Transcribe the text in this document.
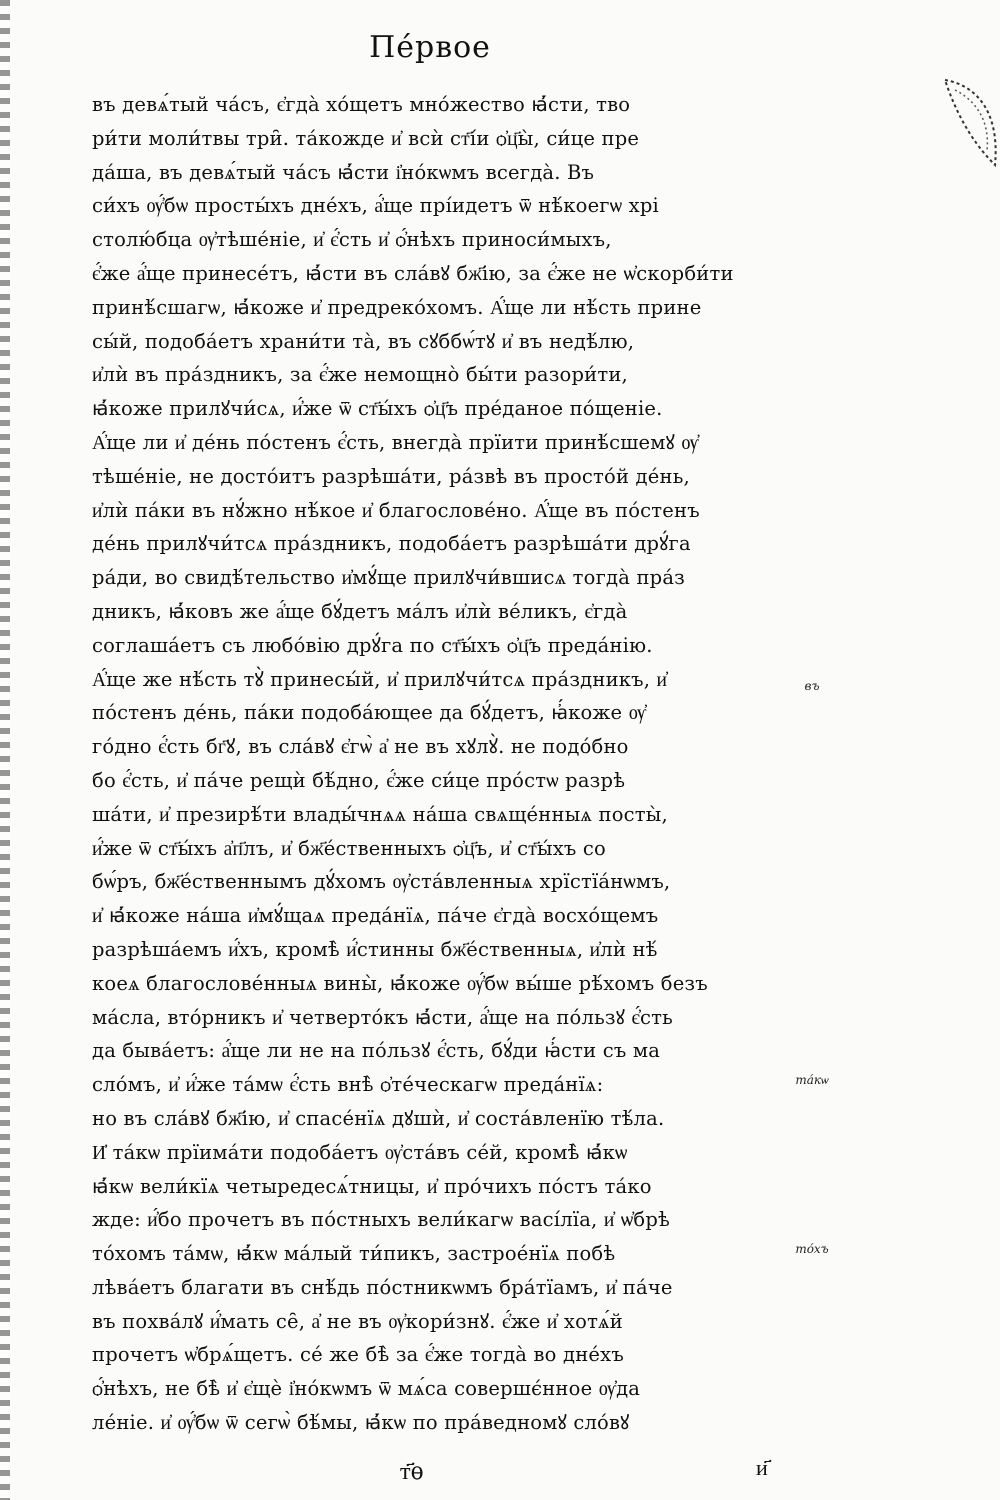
Пе́рвое
въ девѧ́тый ча́съ, є҆гда̀ хо́щетъ мно́жество ꙗ҆́сти, тво
ри́ти моли́твы три̑. та́кожде и҆ всѝ ст҃і́и ѻ҆ц҃ы̀, си́це пре
да́ша, въ девѧ́тый ча́съ ꙗ҆́сти і҆но́кѡмъ всегда̀. Въ
си́хъ ѹ҆́бѡ просты́хъ дне́хъ, а҆́ще прі́идетъ ѿ нѣ́коегѡ хрі
столю́бца ѹ҆тѣше́ніе, и҆ є҆́сть и҆ ѻ҆́нѣхъ приноси́мыхъ,
є҆́же а҆́ще принесе́тъ, ꙗ҆́сти въ сла́вꙋ бж҃ію, за є҆́же не ѡ҆скорби́ти
принѣ́сшагѡ, ꙗ҆́коже и҆ предреко́хомъ. А҆́ще ли нѣ́сть прине
сы́й, подоба́етъ храни́ти та̀, въ сꙋббѡ́тꙋ и҆ въ недѣ́лю,
и҆лѝ въ пра́здникъ, за є҆́же немощно̀ бы́ти разори́ти,
ꙗ҆́коже прилꙋчи́сѧ, и҆́же ѿ ст҃ы́хъ ѻ҆ц҃ъ пре́даное по́щеніе.
А҆́ще ли и҆ де́нь по́стенъ є҆́сть, внегда̀ прїити принѣ́сшемꙋ ѹ҆
тѣше́ніе, не досто́итъ разрѣша́ти, ра́звѣ въ просто́й де́нь,
и҆лѝ па́ки въ нꙋ́жно нѣ́кое и҆ благослове́но. А҆́ще въ по́стенъ
де́нь прилꙋчи́тсѧ пра́здникъ, подоба́етъ разрѣша́ти дрꙋ́га
ра́ди, во свидѣ́тельство и҆мꙋ́ще прилꙋчи́вшисѧ тогда̀ пра́з
дникъ, ꙗ҆́ковъ же а҆́ще бꙋ́детъ ма́лъ и҆лѝ ве́ликъ, є҆гда̀
соглаша́етъ съ любо́вію дрꙋ́га по ст҃ы́хъ ѻ҆ц҃ъ преда́нію.
А҆́ще же нѣ́сть тꙋ̀ принесы́й, и҆ прилꙋчи́тсѧ пра́здникъ, и҆
по́стенъ де́нь, па́ки подоба́ющее да бꙋ́детъ, ꙗ҆́коже ѹ҆
го́дно є҆́сть бг҃ꙋ, въ сла́вꙋ є҆гѡ̀ а҆ не въ хꙋлꙋ̀. не подо́бно
бо є҆́сть, и҆ па́че рещѝ бѣ́дно, є҆́же си́це про́стѡ разрѣ
ша́ти, и҆ презирѣ́ти влады́чнѧѧ на́ша свѧще́нныѧ посты̀,
и҆́же ѿ ст҃ы́хъ а҆п҃лъ, и҆ бж҃е́ственныхъ ѻ҆ц҃ъ, и҆ ст҃ы́хъ со
бѡ́ръ, бж҃е́ственнымъ дꙋ́хомъ ѹ҆ста́вленныѧ хрїстїа́нѡмъ,
и҆ ꙗ҆́коже на́ша и҆мꙋ́щаѧ преда́нїѧ, па́че є҆гда̀ восхо́щемъ
разрѣша́емъ и҆́хъ, кромѣ̀ и҆́стинны бж҃е́ственныѧ, и҆лѝ нѣ́
коеѧ благослове́нныѧ вины̀, ꙗ҆́коже ѹ҆́бѡ вы́ше рѣ́хомъ безъ
ма́сла, вто́рникъ и҆ четверто́къ ꙗ҆́сти, а҆́ще на по́льзꙋ є҆́сть
да быва́етъ: а҆́ще ли не на по́льзꙋ є҆́сть, бꙋ́ди ꙗ҆́сти съ ма
сло́мъ, и҆ и҆́же та́мѡ є҆́сть внѣ̀ ѻ҆те́ческагѡ преда́нїѧ:
но въ сла́вꙋ бж҃ію, и҆ спасе́нїѧ дꙋшѝ, и҆ соста́вленїю тѣ́ла.
И҆ та́кѡ прїима́ти подоба́етъ ѹ҆ста́въ се́й, кромѣ̀ ꙗ҆́кѡ
ꙗ҆́кѡ вели́кїѧ четыредесѧ́тницы, и҆ про́чихъ по́стъ та́ко
жде: и҆́бо прочетъ въ по́стныхъ вели́кагѡ васі́лїа, и҆ ѡ҆брѣ
то́хомъ та́мѡ, ꙗ҆́кѡ ма́лый ти́пикъ, застрое́нїѧ побѣ
лѣва́етъ благати въ снѣ́дь по́стникѡмъ бра́тїамъ, и҆ па́че
въ похва́лꙋ и҆́мать се̑, а҆ не въ ѹ҆кори́знꙋ. є҆́же и҆ хотѧ́й
прочетъ ѡ҆брѧ́щетъ. се́ же бѣ̀ за є҆́же тогда̀ во дне́хъ
ѻ҆́нѣхъ, не бѣ̀ и҆ є҆щѐ і҆но́кѡмъ ѿ мѧ́са совершє́нное ѹ҆да
ле́ніе. и҆ ѹ҆́бѡ ѿ сегѡ̀ бѣ́мы, ꙗ҆́кѡ по пра́ведномꙋ сло́вꙋ
въ
та́кѡ
то́хъ
т҃ѳ	и҃
